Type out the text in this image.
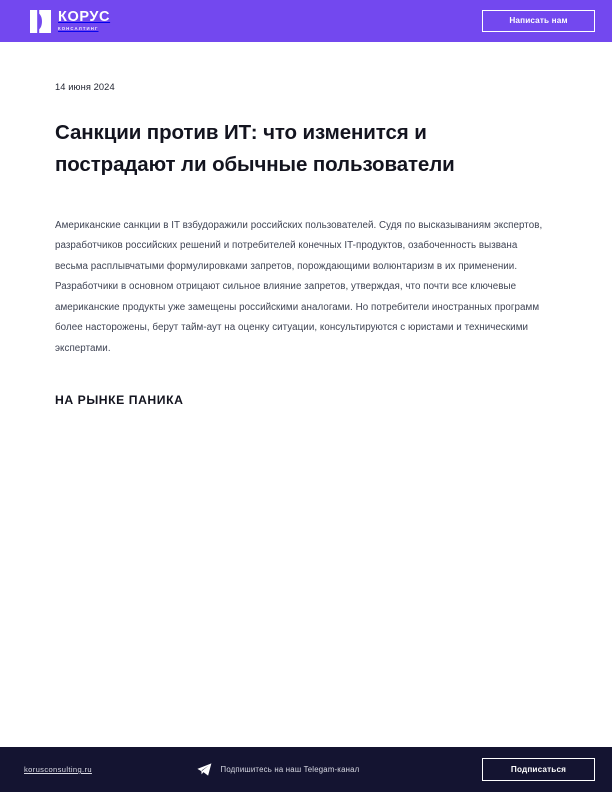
КОРУС
КОНСАЛТИНГ
Написать нам
14 июня 2024
Санкции против ИТ: что изменится и пострадают ли обычные пользователи

Американские санкции в IT взбудоражили российских пользователей. Судя по высказываниям экспертов, разработчиков российских решений и потребителей конечных IT-продуктов, озабоченность вызвана весьма расплывчатыми формулировками запретов, порождающими волюнтаризм в их применении. Разработчики в основном отрицают сильное влияние запретов, утверждая, что почти все ключевые американские продукты уже замещены российскими аналогами. Но потребители иностранных программ более насторожены, берут тайм-аут на оценку ситуации, консультируются с юристами и техническими экспертами.

НА РЫНКЕ ПАНИКА
korusconsulting.ru	Подпишитесь на наш Telegam-канал	Подписаться
